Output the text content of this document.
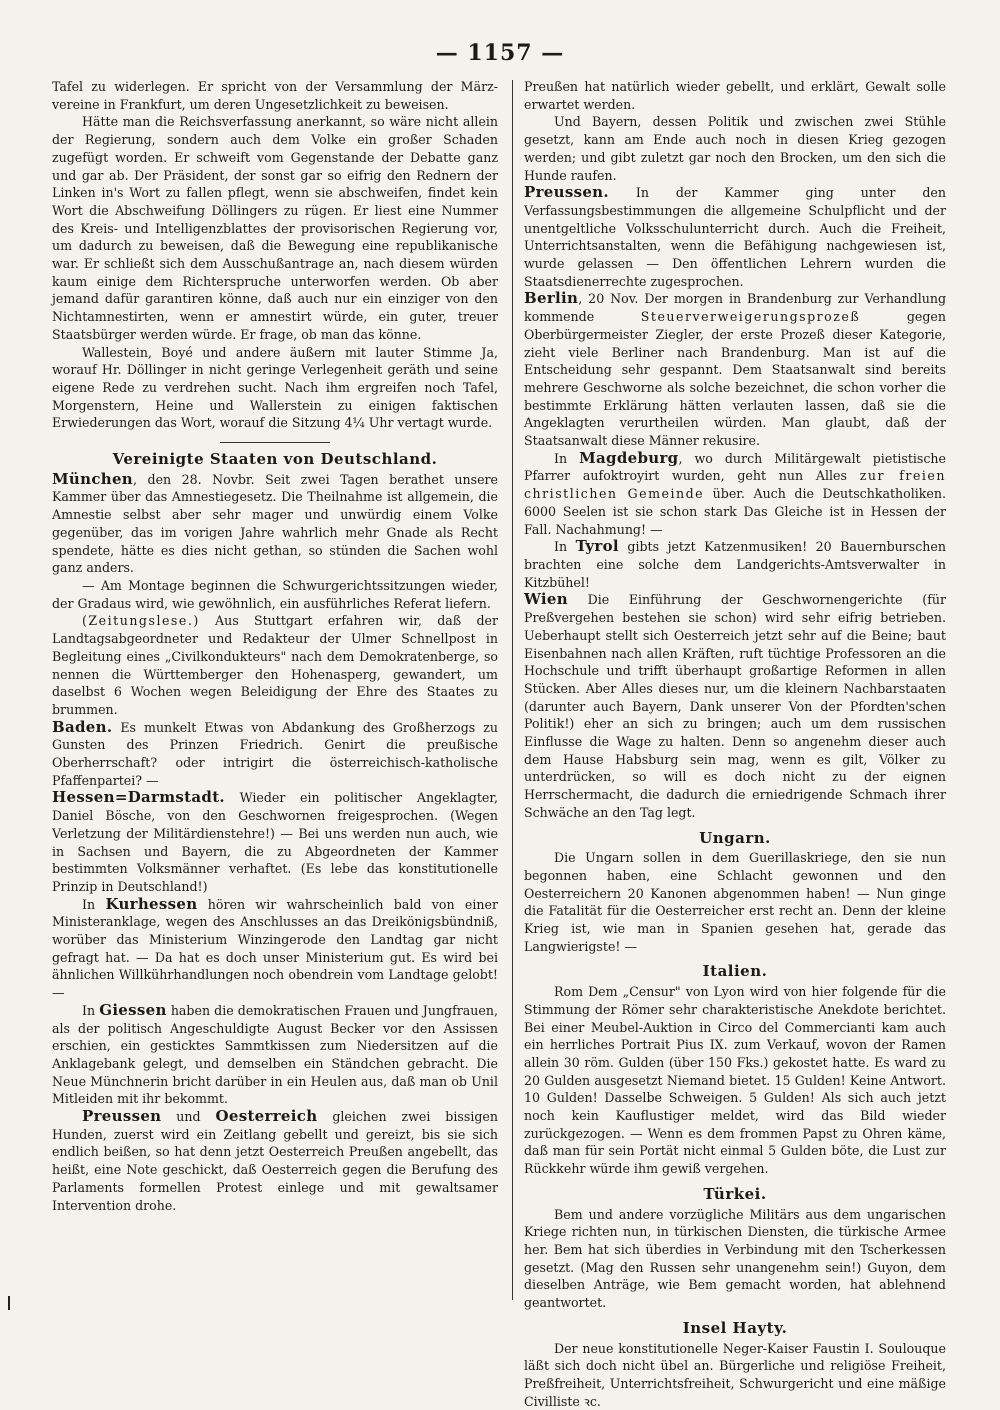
— 1157 —

Tafel zu widerlegen. Er spricht von der Versammlung der März-vereine in Frankfurt, um deren Ungesetzlichkeit zu beweisen.

Hätte man die Reichsverfassung anerkannt, so wäre nicht allein der Regierung, sondern auch dem Volke ein großer Schaden zugefügt worden. Er schweift vom Gegenstande der Debatte ganz und gar ab. Der Präsident, der sonst gar so eifrig den Rednern der Linken in's Wort zu fallen pflegt, wenn sie abschweifen, findet kein Wort die Abschweifung Döllingers zu rügen. Er liest eine Nummer des Kreis- und Intelligenzblattes der provisorischen Regierung vor, um dadurch zu beweisen, daß die Bewegung eine republikanische war. Er schließt sich dem Ausschußantrage an, nach diesem würden kaum einige dem Richterspruche unterworfen werden. Ob aber jemand dafür garantiren könne, daß auch nur ein einziger von den Nichtamnestirten, wenn er amnestirt würde, ein guter, treuer Staatsbürger werden würde. Er frage, ob man das könne.

Wallestein, Boyé und andere äußern mit lauter Stimme Ja, worauf Hr. Döllinger in nicht geringe Verlegenheit geräth und seine eigene Rede zu verdrehen sucht. Nach ihm ergreifen noch Tafel, Morgenstern, Heine und Wallerstein zu einigen faktischen Erwiederungen das Wort, worauf die Sitzung 4¼ Uhr vertagt wurde.

Vereinigte Staaten von Deutschland.

München, den 28. Novbr. Seit zwei Tagen berathet unsere Kammer über das Amnestiegesetz. Die Theilnahme ist allgemein, die Amnestie selbst aber sehr mager und unwürdig einem Volke gegenüber, das im vorigen Jahre wahrlich mehr Gnade als Recht spendete, hätte es dies nicht gethan, so stünden die Sachen wohl ganz anders.

— Am Montage beginnen die Schwurgerichtssitzungen wieder, der Gradaus wird, wie gewöhnlich, ein ausführliches Referat liefern.

(Zeitungslese.) Aus Stuttgart erfahren wir, daß der Landtagsabgeordneter und Redakteur der Ulmer Schnellpost in Begleitung eines „Civilkondukteurs" nach dem Demokratenberge, so nennen die Württemberger den Hohenasperg, gewandert, um daselbst 6 Wochen wegen Beleidigung der Ehre des Staates zu brummen.

Baden. Es munkelt Etwas von Abdankung des Großherzogs zu Gunsten des Prinzen Friedrich. Genirt die preußische Oberherrschaft? oder intrigirt die österreichisch-katholische Pfaffenpartei? —

Hessen=Darmstadt. Wieder ein politischer Angeklagter, Daniel Bösche, von den Geschwornen freigesprochen. (Wegen Verletzung der Militärdienstehre!) — Bei uns werden nun auch, wie in Sachsen und Bayern, die zu Abgeordneten der Kammer bestimmten Volksmänner verhaftet. (Es lebe das konstitutionelle Prinzip in Deutschland!)

In Kurhessen hören wir wahrscheinlich bald von einer Ministeranklage, wegen des Anschlusses an das Dreikönigsbündniß, worüber das Ministerium Winzingerode den Landtag gar nicht gefragt hat. — Da hat es doch unser Ministerium gut. Es wird bei ähnlichen Willkührhandlungen noch obendrein vom Landtage gelobt! —

In Giessen haben die demokratischen Frauen und Jungfrauen, als der politisch Angeschuldigte August Becker vor den Assissen erschien, ein gesticktes Sammtkissen zum Niedersitzen auf die Anklagebank gelegt, und demselben ein Ständchen gebracht. Die Neue Münchnerin bricht darüber in ein Heulen aus, daß man ob Unil Mitleiden mit ihr bekommt.

Preussen und Oesterreich gleichen zwei bissigen Hunden, zuerst wird ein Zeitlang gebellt und gereizt, bis sie sich endlich beißen, so hat denn jetzt Oesterreich Preußen angebellt, das heißt, eine Note geschickt, daß Oesterreich gegen die Berufung des Parlaments formellen Protest einlege und mit gewaltsamer Intervention drohe.

Preußen hat natürlich wieder gebellt, und erklärt, Gewalt solle erwartet werden.

Und Bayern, dessen Politik und zwischen zwei Stühle gesetzt, kann am Ende auch noch in diesen Krieg gezogen werden; und gibt zuletzt gar noch den Brocken, um den sich die Hunde raufen.

Preussen. In der Kammer ging unter den Verfassungsbestimmungen die allgemeine Schulpflicht und der unentgeltliche Volksschulunterricht durch. Auch die Freiheit, Unterrichtsanstalten, wenn die Befähigung nachgewiesen ist, wurde gelassen — Den öffentlichen Lehrern wurden die Staatsdienerrechte zugesprochen.

Berlin, 20 Nov. Der morgen in Brandenburg zur Verhandlung kommende	Steuerverweigerungsprozeß	gegen Oberbürgermeister Ziegler, der erste Prozeß dieser Kategorie, zieht viele Berliner nach Brandenburg. Man ist auf die Entscheidung sehr gespannt. Dem Staatsanwalt sind bereits mehrere Geschworne als solche bezeichnet, die schon vorher die bestimmte Erklärung hätten verlauten lassen, daß sie die Angeklagten verurtheilen würden. Man glaubt, daß der Staatsanwalt diese Männer rekusire.

In Magdeburg, wo durch Militärgewalt pietistische Pfarrer aufoktroyirt wurden, geht nun Alles zur freien christlichen Gemeinde über. Auch die Deutschkatholiken. 6000 Seelen ist sie schon stark Das Gleiche ist in Hessen der Fall. Nachahmung! —

In Tyrol gibts jetzt Katzenmusiken! 20 Bauernburschen brachten eine solche dem Landgerichts-Amtsverwalter in Kitzbühel!

Wien Die Einführung der Geschwornengerichte (für Preßvergehen bestehen sie schon) wird sehr eifrig betrieben. Ueberhaupt stellt sich Oesterreich jetzt sehr auf die Beine; baut Eisenbahnen nach allen Kräften, ruft tüchtige Professoren an die Hochschule und trifft überhaupt großartige Reformen in allen Stücken. Aber Alles dieses nur, um die kleinern Nachbarstaaten (darunter auch Bayern, Dank unserer Von der Pfordten'schen Politik!) eher an sich zu bringen; auch um dem russischen Einflusse die Wage zu halten. Denn so angenehm dieser auch dem Hause Habsburg sein mag, wenn es gilt, Völker zu unterdrücken, so will es doch nicht zu der eignen Herrschermacht, die dadurch die erniedrigende Schmach ihrer Schwäche an den Tag legt.

Ungarn.

Die Ungarn sollen in dem Guerillaskriege, den sie nun begonnen haben, eine Schlacht gewonnen und den Oesterreichern 20 Kanonen abgenommen haben! — Nun ginge die Fatalität für die Oesterreicher erst recht an. Denn der kleine Krieg ist, wie man in Spanien gesehen hat, gerade das Langwierigste! —

Italien.

Rom Dem „Censur" von Lyon wird von hier folgende für die Stimmung der Römer sehr charakteristische Anekdote berichtet. Bei einer Meubel-Auktion in Circo del Commercianti kam auch ein herrliches Portrait Pius IX. zum Verkauf, wovon der Ramen allein 30 röm. Gulden (über 150 Fks.) gekostet hatte. Es ward zu 20 Gulden ausgesetzt Niemand bietet. 15 Gulden! Keine Antwort. 10 Gulden! Dasselbe Schweigen. 5 Gulden! Als sich auch jetzt noch kein Kauflustiger meldet, wird das Bild wieder zurückgezogen. — Wenn es dem frommen Papst zu Ohren käme, daß man für sein Portät nicht einmal 5 Gulden böte, die Lust zur Rückkehr würde ihm gewiß vergehen.

Türkei.

Bem und andere vorzügliche Militärs aus dem ungarischen Kriege richten nun, in türkischen Diensten, die türkische Armee her. Bem hat sich überdies in Verbindung mit den Tscherkessen gesetzt. (Mag den Russen sehr unangenehm sein!) Guyon, dem dieselben Anträge, wie Bem gemacht worden, hat ablehnend geantwortet.

Insel Hayty.

Der neue konstitutionelle Neger-Kaiser Faustin I. Soulouque läßt sich doch nicht übel an. Bürgerliche und religiöse Freiheit, Preßfreiheit, Unterrichtsfreiheit, Schwurgericht und eine mäßige Civilliste ꝛc.
